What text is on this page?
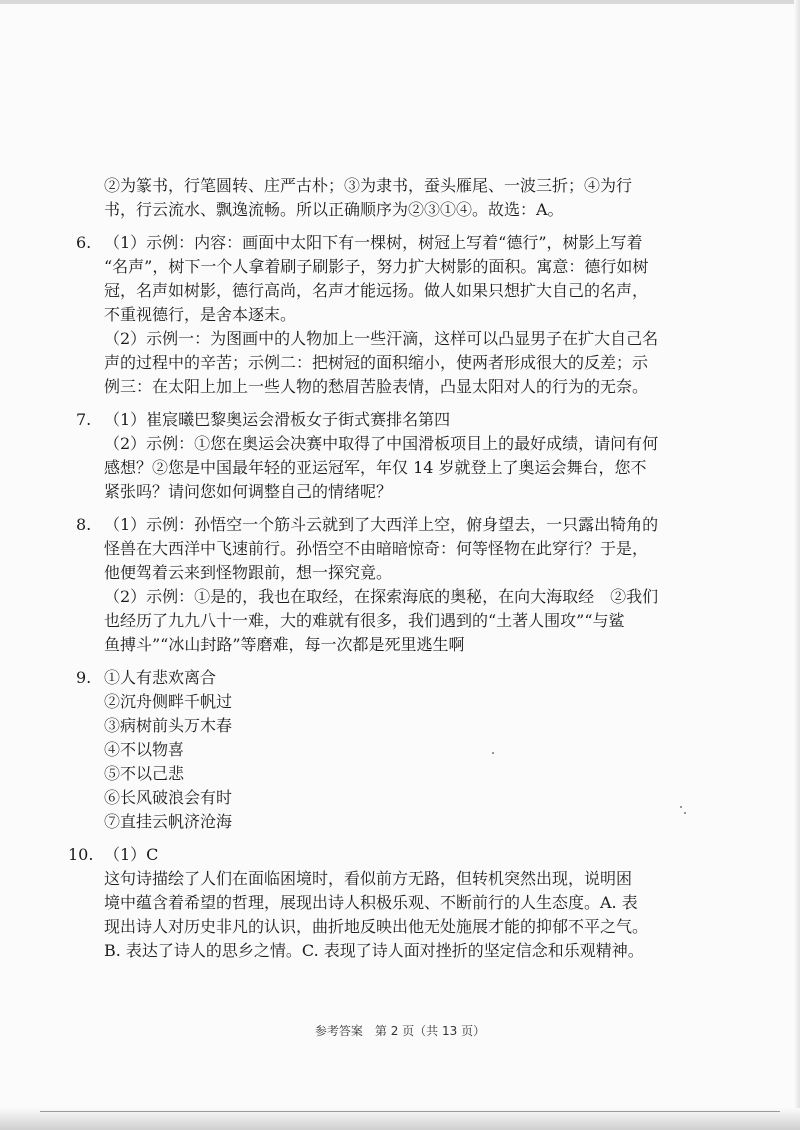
②为篆书，行笔圆转、庄严古朴；③为隶书，蚕头雁尾、一波三折；④为行
书，行云流水、飘逸流畅。所以正确顺序为②③①④。故选：A。
6. （1）示例：内容：画面中太阳下有一棵树，树冠上写着“德行”，树影上写着
“名声”，树下一个人拿着刷子刷影子，努力扩大树影的面积。寓意：德行如树
冠，名声如树影，德行高尚，名声才能远扬。做人如果只想扩大自己的名声，
不重视德行，是舍本逐末。
（2）示例一：为图画中的人物加上一些汗滴，这样可以凸显男子在扩大自己名
声的过程中的辛苦；示例二：把树冠的面积缩小，使两者形成很大的反差；示
例三：在太阳上加上一些人物的愁眉苦脸表情，凸显太阳对人的行为的无奈。
7. （1）崔宸曦巴黎奥运会滑板女子街式赛排名第四
（2）示例：①您在奥运会决赛中取得了中国滑板项目上的最好成绩，请问有何
感想？②您是中国最年轻的亚运冠军，年仅 14 岁就登上了奥运会舞台，您不
紧张吗？请问您如何调整自己的情绪呢？
8. （1）示例：孙悟空一个筋斗云就到了大西洋上空，俯身望去，一只露出犄角的
怪兽在大西洋中飞速前行。孙悟空不由暗暗惊奇：何等怪物在此穿行？于是，
他便驾着云来到怪物跟前，想一探究竟。
（2）示例：①是的，我也在取经，在探索海底的奥秘，在向大海取经　②我们
也经历了九九八十一难，大的难就有很多，我们遇到的“土著人围攻”“与鲨
鱼搏斗”“冰山封路”等磨难，每一次都是死里逃生啊
9. ①人有悲欢离合
②沉舟侧畔千帆过
③病树前头万木春
④不以物喜
⑤不以己悲
⑥长风破浪会有时
⑦直挂云帆济沧海
10. （1）C
这句诗描绘了人们在面临困境时，看似前方无路，但转机突然出现，说明困
境中蕴含着希望的哲理，展现出诗人积极乐观、不断前行的人生态度。A. 表
现出诗人对历史非凡的认识，曲折地反映出他无处施展才能的抑郁不平之气。
B. 表达了诗人的思乡之情。C. 表现了诗人面对挫折的坚定信念和乐观精神。
参考答案　第 2 页（共 13 页）
